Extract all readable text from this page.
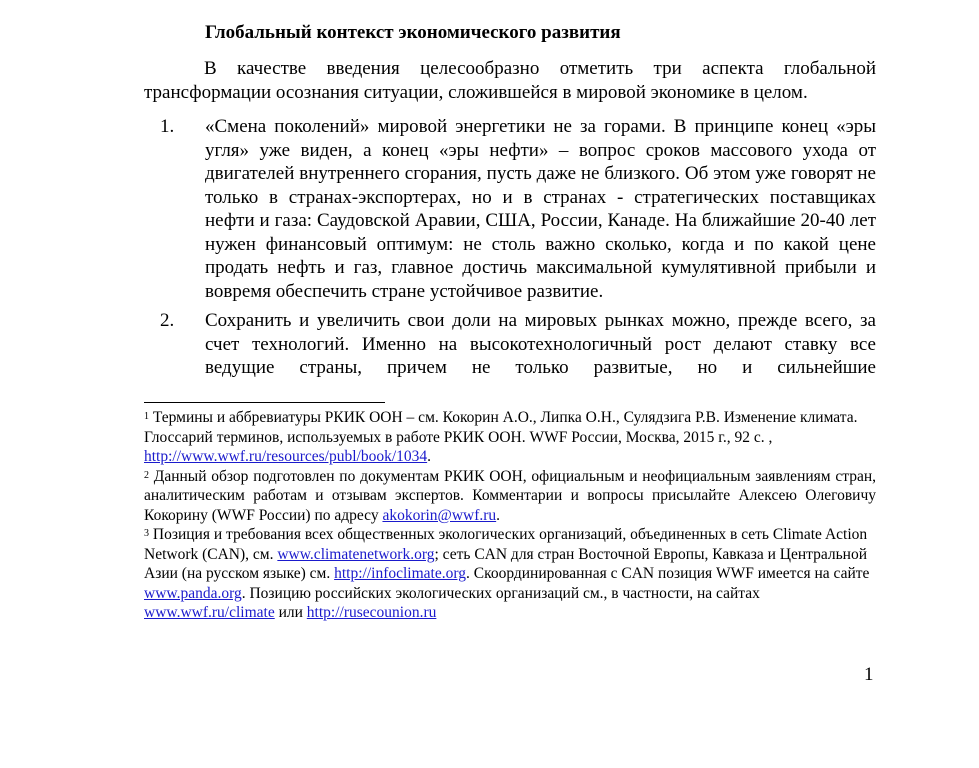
Глобальный контекст экономического развития

В качестве введения целесообразно отметить три аспекта глобальной трансформации осознания ситуации, сложившейся в мировой экономике в целом.

1. «Смена поколений» мировой энергетики не за горами. В принципе конец «эры угля» уже виден, а конец «эры нефти» – вопрос сроков массового ухода от двигателей внутреннего сгорания, пусть даже не близкого. Об этом уже говорят не только в странах-экспортерах, но и в странах - стратегических поставщиках нефти и газа: Саудовской Аравии, США, России, Канаде. На ближайшие 20-40 лет нужен финансовый оптимум: не столь важно сколько, когда и по какой цене продать нефть и газ, главное достичь максимальной кумулятивной прибыли и вовремя обеспечить стране устойчивое развитие.
2. Сохранить и увеличить свои доли на мировых рынках можно, прежде всего, за счет технологий. Именно на высокотехнологичный рост делают ставку все ведущие страны, причем не только развитые, но и сильнейшие

$^1$ Термины и аббревиатуры РКИК ООН – см. Кокорин А.О., Липка О.Н., Сулядзига Р.В. Изменение климата. Глоссарий терминов, используемых в работе РКИК ООН. WWF России, Москва, 2015 г., 92 с. , http://www.wwf.ru/resources/publ/book/1034.

$^2$ Данный обзор подготовлен по документам РКИК ООН, официальным и неофициальным заявлениям стран, аналитическим работам и отзывам экспертов. Комментарии и вопросы присылайте Алексею Олеговичу Кокорину (WWF России) по адресу akokorin@wwf.ru.

$^3$ Позиция и требования всех общественных экологических организаций, объединенных в сеть Climate Action Network (CAN), см. www.climatenetwork.org; сеть CAN для стран Восточной Европы, Кавказа и Центральной Азии (на русском языке) см. http://infoclimate.org. Скоординированная с CAN позиция WWF имеется на сайте www.panda.org. Позицию российских экологических организаций см., в частности, на сайтах www.wwf.ru/climate или http://rusecounion.ru

1
